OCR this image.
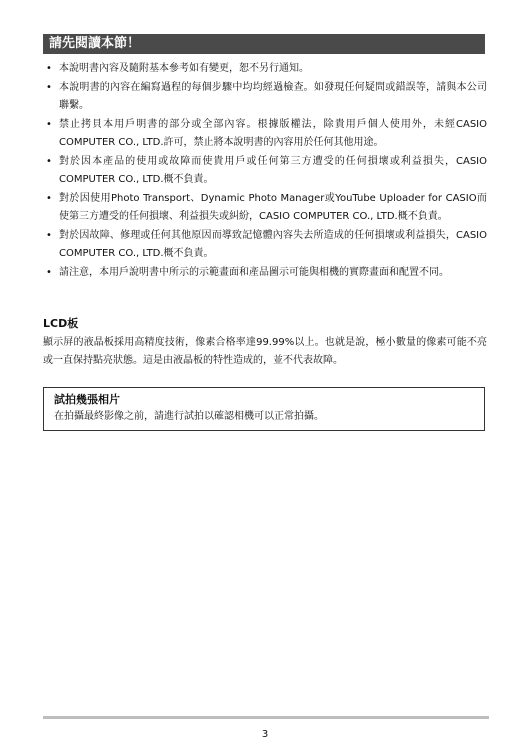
請先閱讀本節！
• 本說明書內容及隨附基本參考如有變更，恕不另行通知。
• 本說明書的內容在編寫過程的每個步驟中均均經過檢查。如發現任何疑問或錯誤等，請與本公司聯繫。
• 禁止拷貝本用戶明書的部分或全部內容。根據版權法，除貴用戶個人使用外，未經CASIO COMPUTER CO., LTD.許可，禁止將本說明書的內容用於任何其他用途。
• 對於因本產品的使用或故障而使貴用戶或任何第三方遭受的任何損壞或利益損失，CASIO COMPUTER CO., LTD.概不負責。
• 對於因使用Photo Transport、Dynamic Photo Manager或YouTube Uploader for CASIO而使第三方遭受的任何損壞、利益損失或糾紛，CASIO COMPUTER CO., LTD.概不負責。
• 對於因故障、修理或任何其他原因而導致記憶體內容失去所造成的任何損壞或利益損失，CASIO COMPUTER CO., LTD.概不負責。
• 請注意，本用戶說明書中所示的示範畫面和產品圖示可能與相機的實際畫面和配置不同。
LCD板
顯示屏的液晶板採用高精度技術，像素合格率達99.99%以上。也就是說，極小數量的像素可能不亮或一直保持點亮狀態。這是由液晶板的特性造成的，並不代表故障。
試拍幾張相片
在拍攝最終影像之前，請進行試拍以確認相機可以正常拍攝。
3
